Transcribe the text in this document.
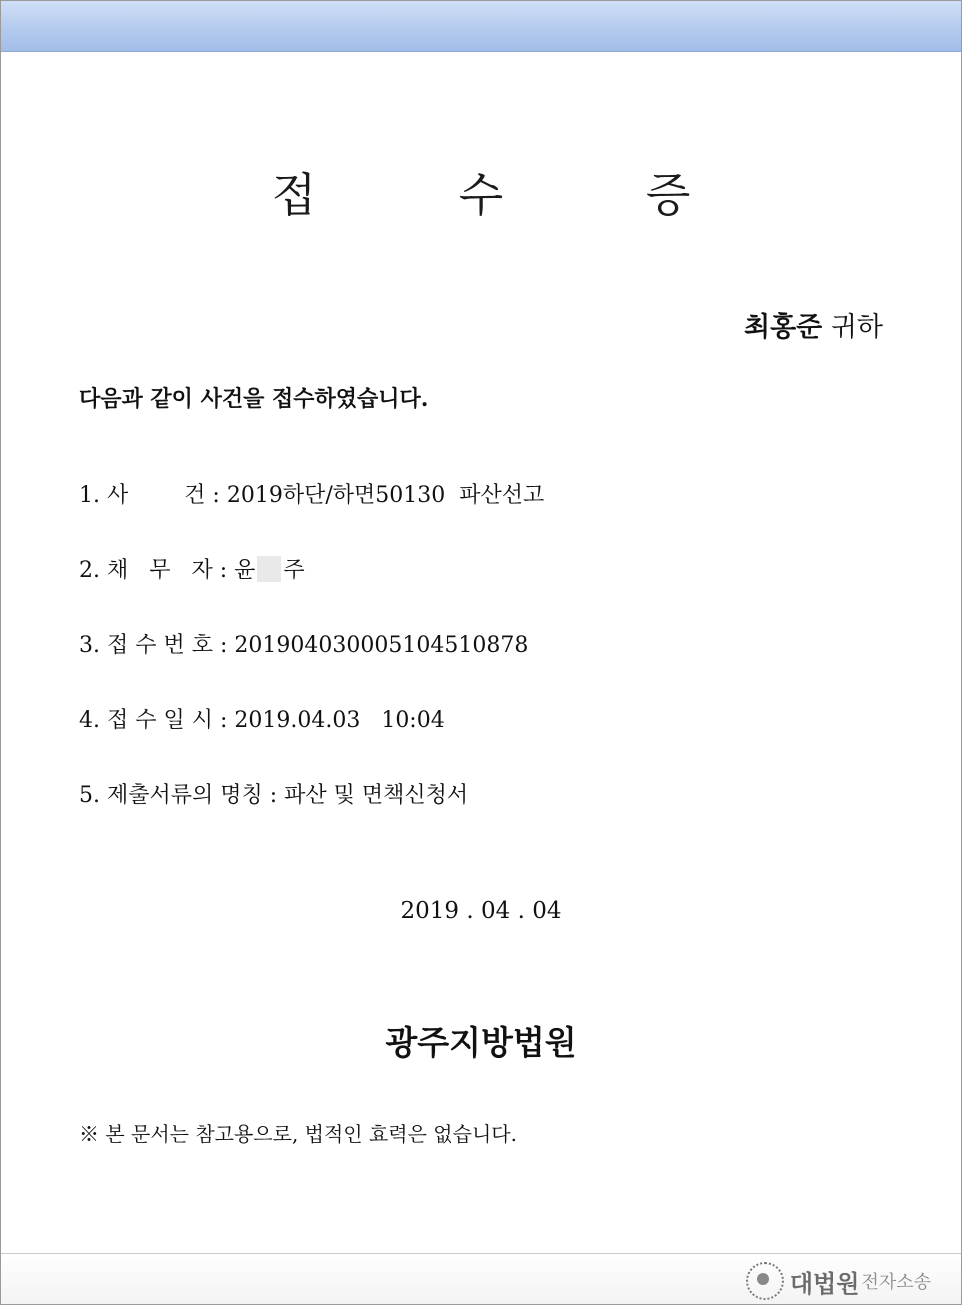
접 수 증
최홍준 귀하
다음과 같이 사건을 접수하였습니다.
1. 사        건 : 2019하단/하면50130  파산선고
2. 채   무   자 : 윤 주
3. 접 수 번 호 : 201904030005104510878
4. 접 수 일 시 : 2019.04.03   10:04
5. 제출서류의 명칭 : 파산 및 면책신청서
2019 . 04 . 04
광주지방법원
※ 본 문서는 참고용으로, 법적인 효력은 없습니다.
대법원 전자소송
